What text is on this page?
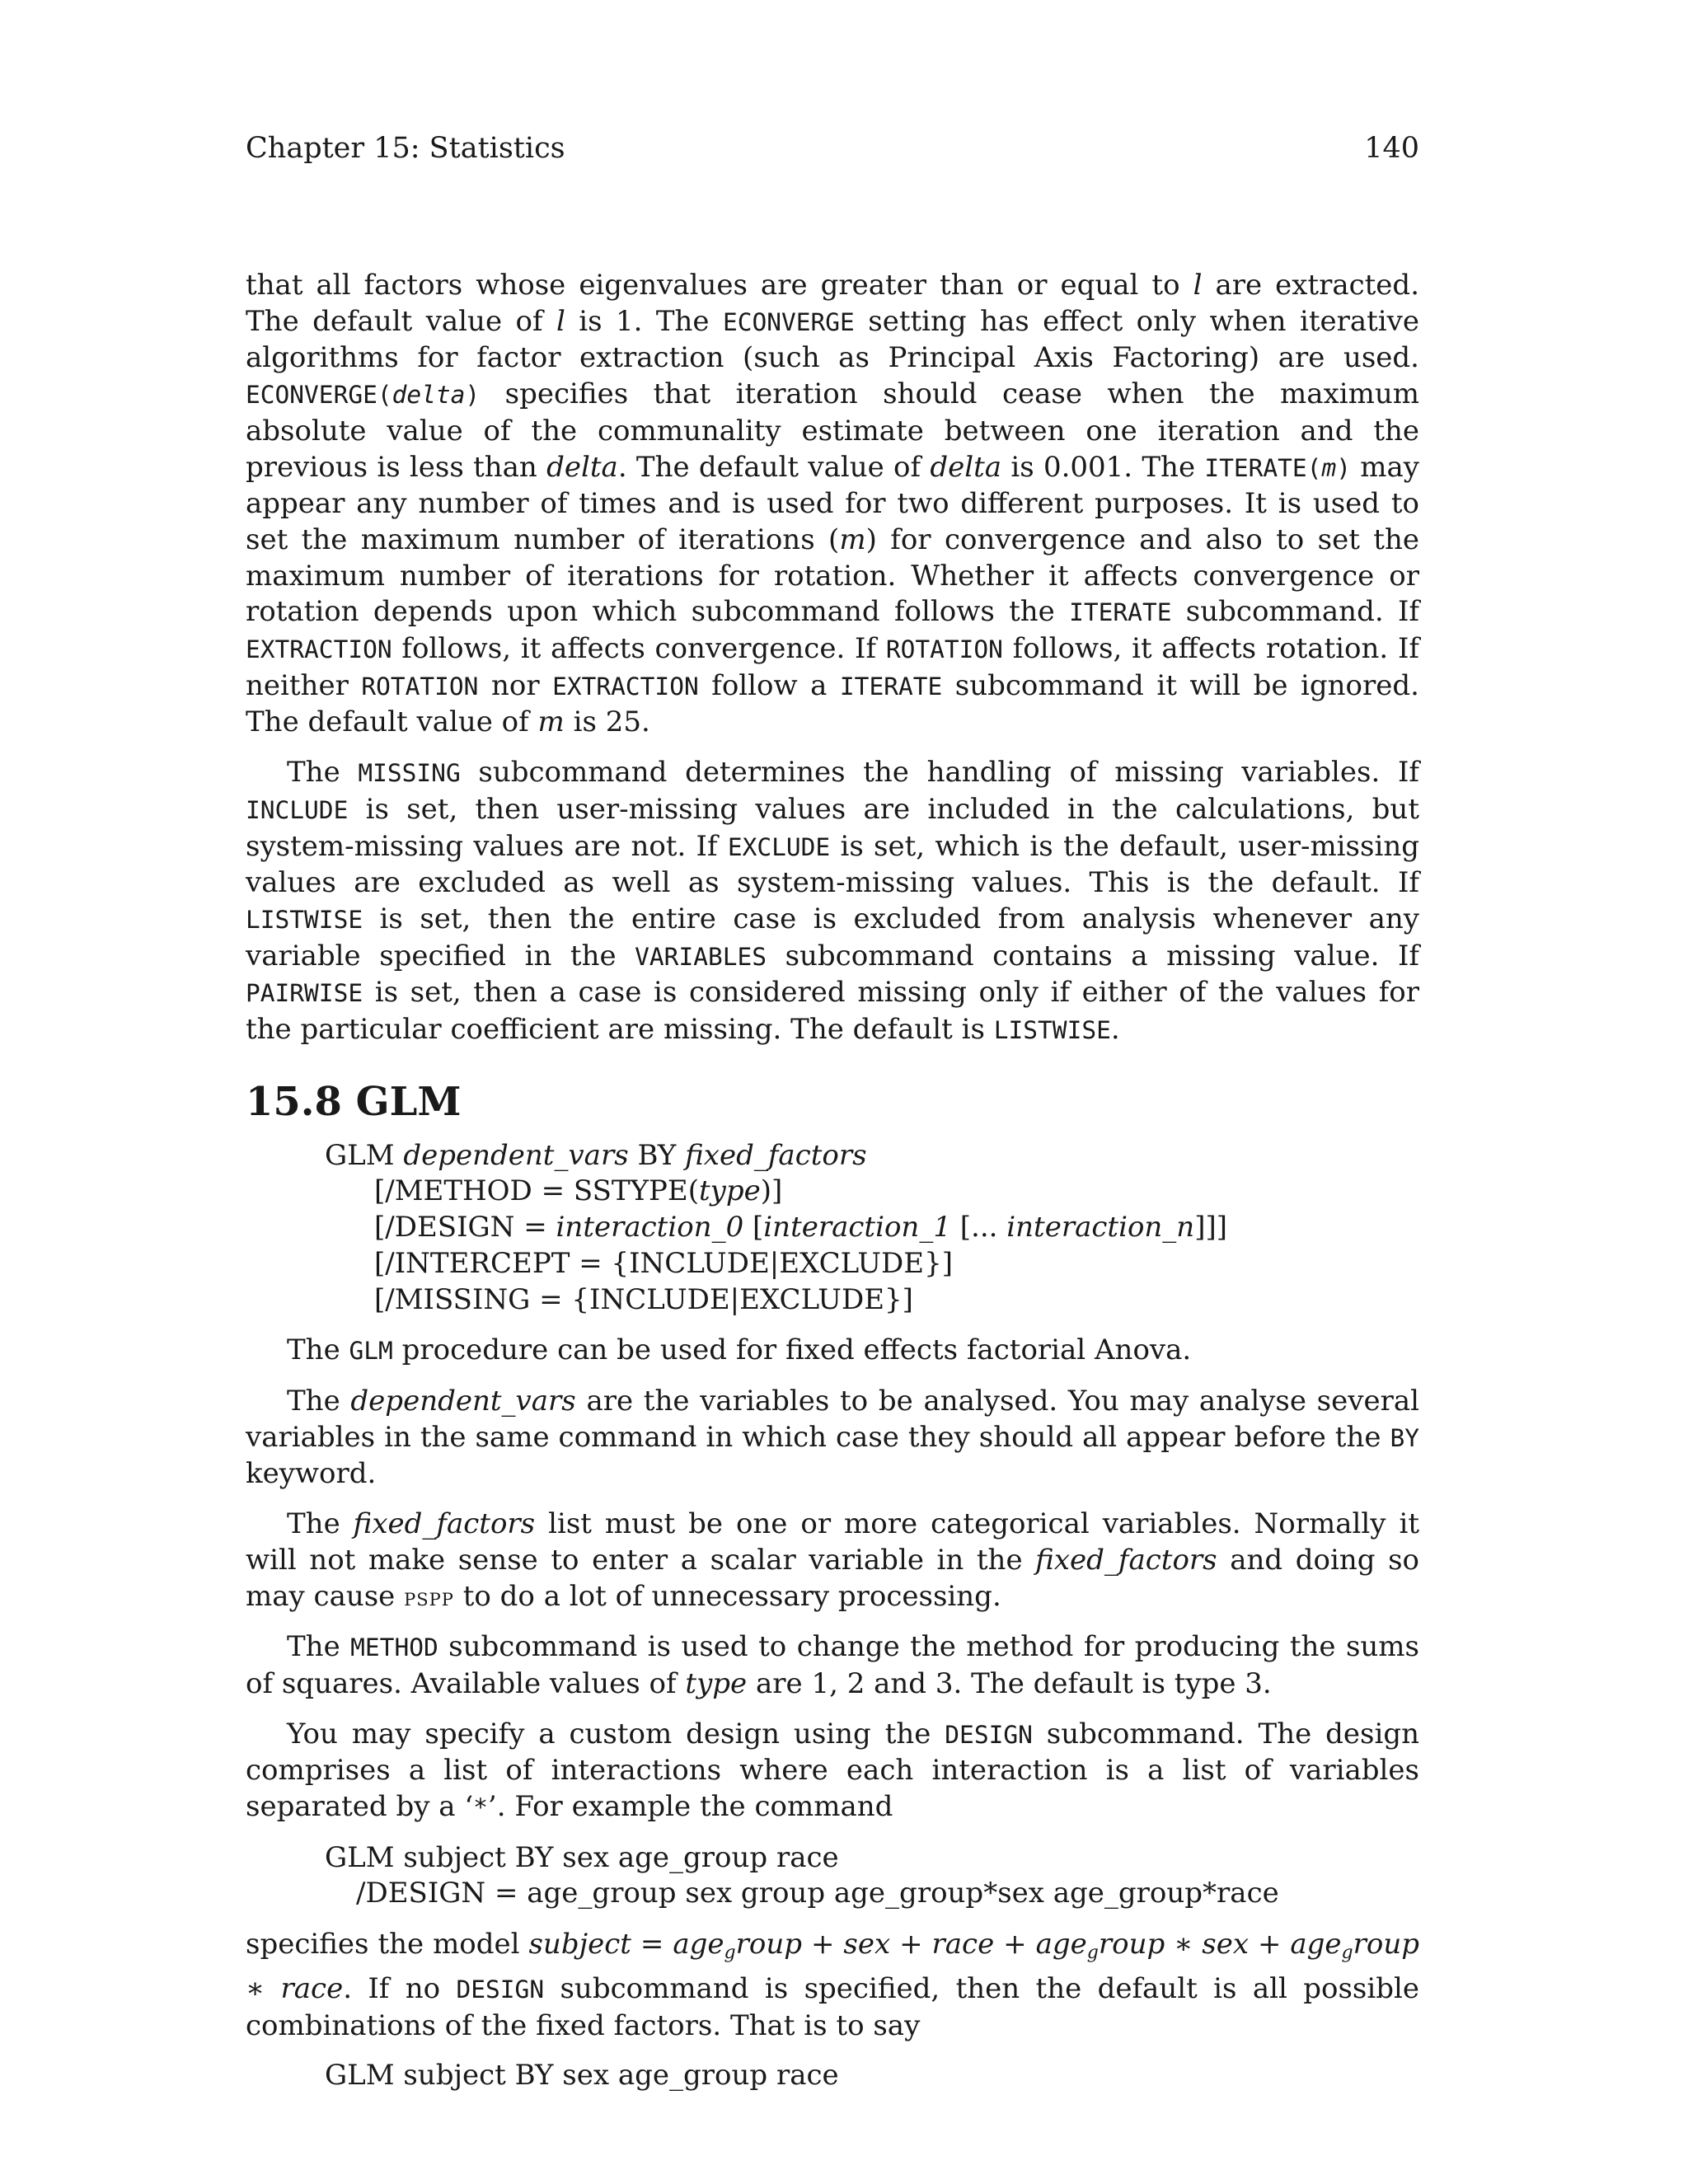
Chapter 15: Statistics	140

that all factors whose eigenvalues are greater than or equal to l are extracted. The default value of l is 1. The ECONVERGE setting has effect only when iterative algorithms for factor extraction (such as Principal Axis Factoring) are used. ECONVERGE(delta) specifies that iteration should cease when the maximum absolute value of the communality estimate between one iteration and the previous is less than delta. The default value of delta is 0.001. The ITERATE(m) may appear any number of times and is used for two different purposes. It is used to set the maximum number of iterations (m) for convergence and also to set the maximum number of iterations for rotation. Whether it affects convergence or rotation depends upon which subcommand follows the ITERATE subcommand. If EXTRACTION follows, it affects convergence. If ROTATION follows, it affects rotation. If neither ROTATION nor EXTRACTION follow a ITERATE subcommand it will be ignored. The default value of m is 25.

The MISSING subcommand determines the handling of missing variables. If INCLUDE is set, then user-missing values are included in the calculations, but system-missing values are not. If EXCLUDE is set, which is the default, user-missing values are excluded as well as system-missing values. This is the default. If LISTWISE is set, then the entire case is excluded from analysis whenever any variable specified in the VARIABLES subcommand contains a missing value. If PAIRWISE is set, then a case is considered missing only if either of the values for the particular coefficient are missing. The default is LISTWISE.

15.8 GLM
GLM dependent_vars BY fixed_factors
[/METHOD = SSTYPE(type)]
[/DESIGN = interaction_0 [interaction_1 [... interaction_n]]]
[/INTERCEPT = {INCLUDE|EXCLUDE}]
[/MISSING = {INCLUDE|EXCLUDE}]

The GLM procedure can be used for fixed effects factorial Anova.

The dependent_vars are the variables to be analysed. You may analyse several variables in the same command in which case they should all appear before the BY keyword.

The fixed_factors list must be one or more categorical variables. Normally it will not make sense to enter a scalar variable in the fixed_factors and doing so may cause pspp to do a lot of unnecessary processing.

The METHOD subcommand is used to change the method for producing the sums of squares. Available values of type are 1, 2 and 3. The default is type 3.

You may specify a custom design using the DESIGN subcommand. The design comprises a list of interactions where each interaction is a list of variables separated by a ‘*’. For example the command

GLM subject BY sex age_group race
/DESIGN = age_group sex group age_group*sex age_group*race

specifies the model subject = age$_g$roup + sex + race + age$_g$roup ∗ sex + age$_g$roup ∗ race. If no DESIGN subcommand is specified, then the default is all possible combinations of the fixed factors. That is to say

GLM subject BY sex age_group race
